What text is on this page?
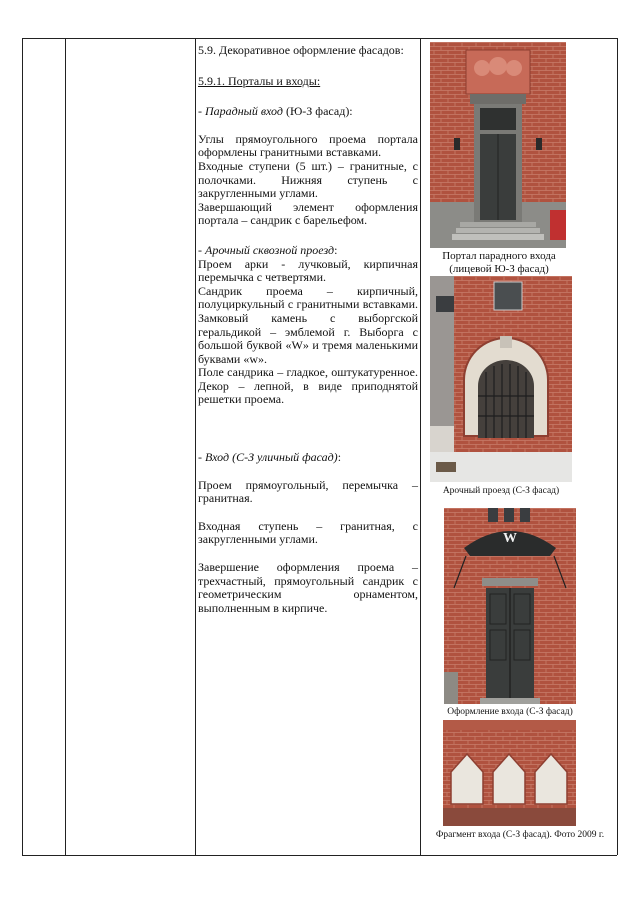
5.9. Декоративное оформление фасадов:

5.9.1. Порталы и входы:

- Парадный вход (Ю-З фасад):

Углы прямоугольного проема портала оформлены гранитными вставками.

Входные ступени (5 шт.) – гранитные, с полочками. Нижняя ступень с закругленными углами.

Завершающий элемент оформления портала – сандрик с барельефом.

- Арочный сквозной проезд:

Проем арки - лучковый, кирпичная перемычка с четвертями.

Сандрик проема – кирпичный, полуциркульный с гранитными вставками. Замковый камень с выборгской геральдикой – эмблемой г. Выборга с большой буквой «W» и тремя маленькими буквами «w».

Поле сандрика – гладкое, оштукатуренное. Декор – лепной, в виде приподнятой решетки проема.

- Вход (С-З уличный фасад):

Проем прямоугольный, перемычка – гранитная.

Входная ступень – гранитная, с закругленными углами.

Завершение оформления проема – трехчастный, прямоугольный сандрик с геометрическим орнаментом, выполненным в кирпиче.

Портал парадного входа (лицевой Ю-З фасад)
Арочный проезд (С-З фасад)
W
Оформление входа (С-З фасад)
Фрагмент входа (С-З фасад). Фото 2009 г.
